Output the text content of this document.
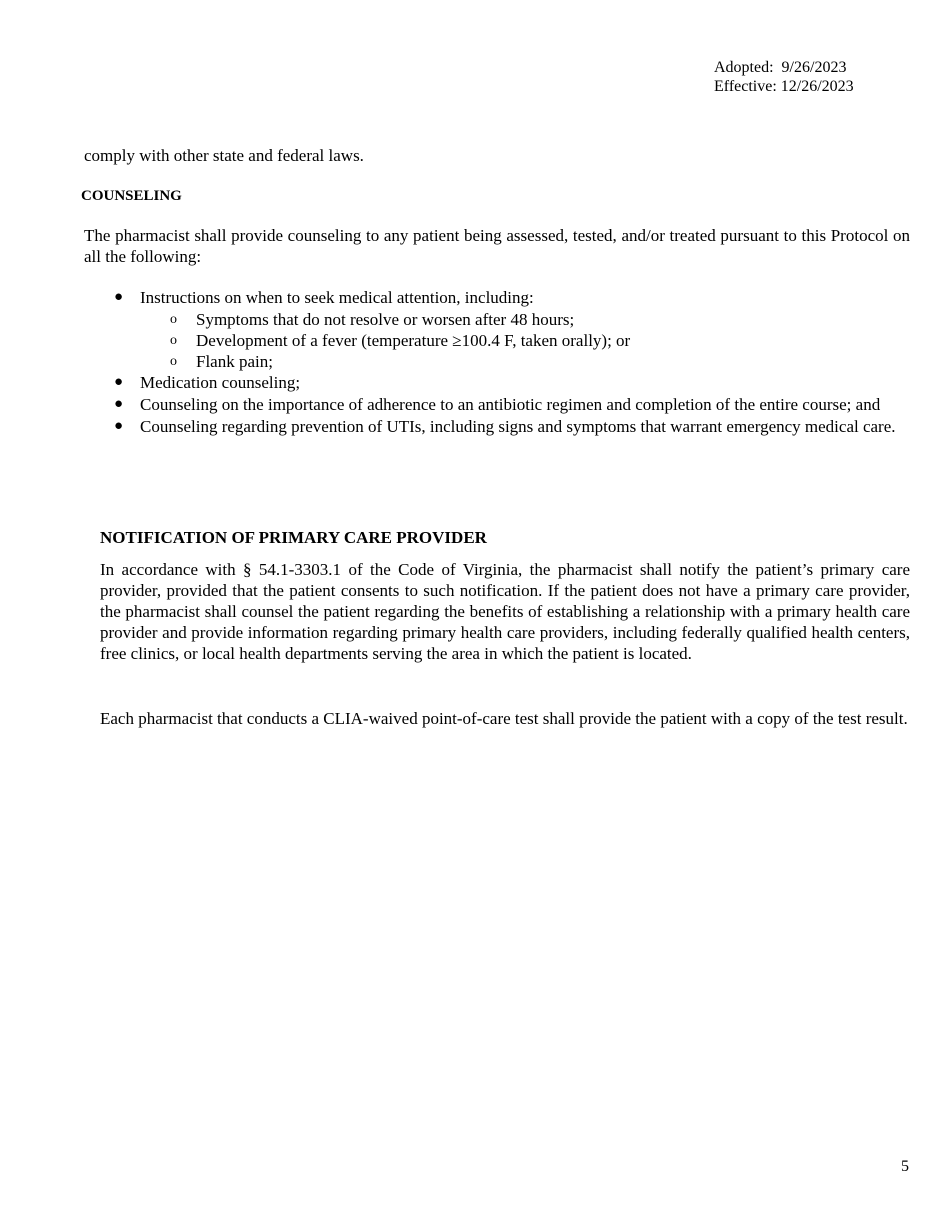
Adopted:  9/26/2023
Effective: 12/26/2023

comply with other state and federal laws.

COUNSELING

The pharmacist shall provide counseling to any patient being assessed, tested, and/or treated pursuant to this Protocol on all the following:

● Instructions on when to seek medical attention, including:
o Symptoms that do not resolve or worsen after 48 hours;
o Development of a fever (temperature ≥100.4 F, taken orally); or
o Flank pain;
● Medication counseling;
● Counseling on the importance of adherence to an antibiotic regimen and completion of the entire course; and
● Counseling regarding prevention of UTIs, including signs and symptoms that warrant emergency medical care.
NOTIFICATION OF PRIMARY CARE PROVIDER

In accordance with § 54.1-3303.1 of the Code of Virginia, the pharmacist shall notify the patient’s primary care provider, provided that the patient consents to such notification. If the patient does not have a primary care provider, the pharmacist shall counsel the patient regarding the benefits of establishing a relationship with a primary health care provider and provide information regarding primary health care providers, including federally qualified health centers, free clinics, or local health departments serving the area in which the patient is located.

Each pharmacist that conducts a CLIA-waived point-of-care test shall provide the patient with a copy of the test result.

5
